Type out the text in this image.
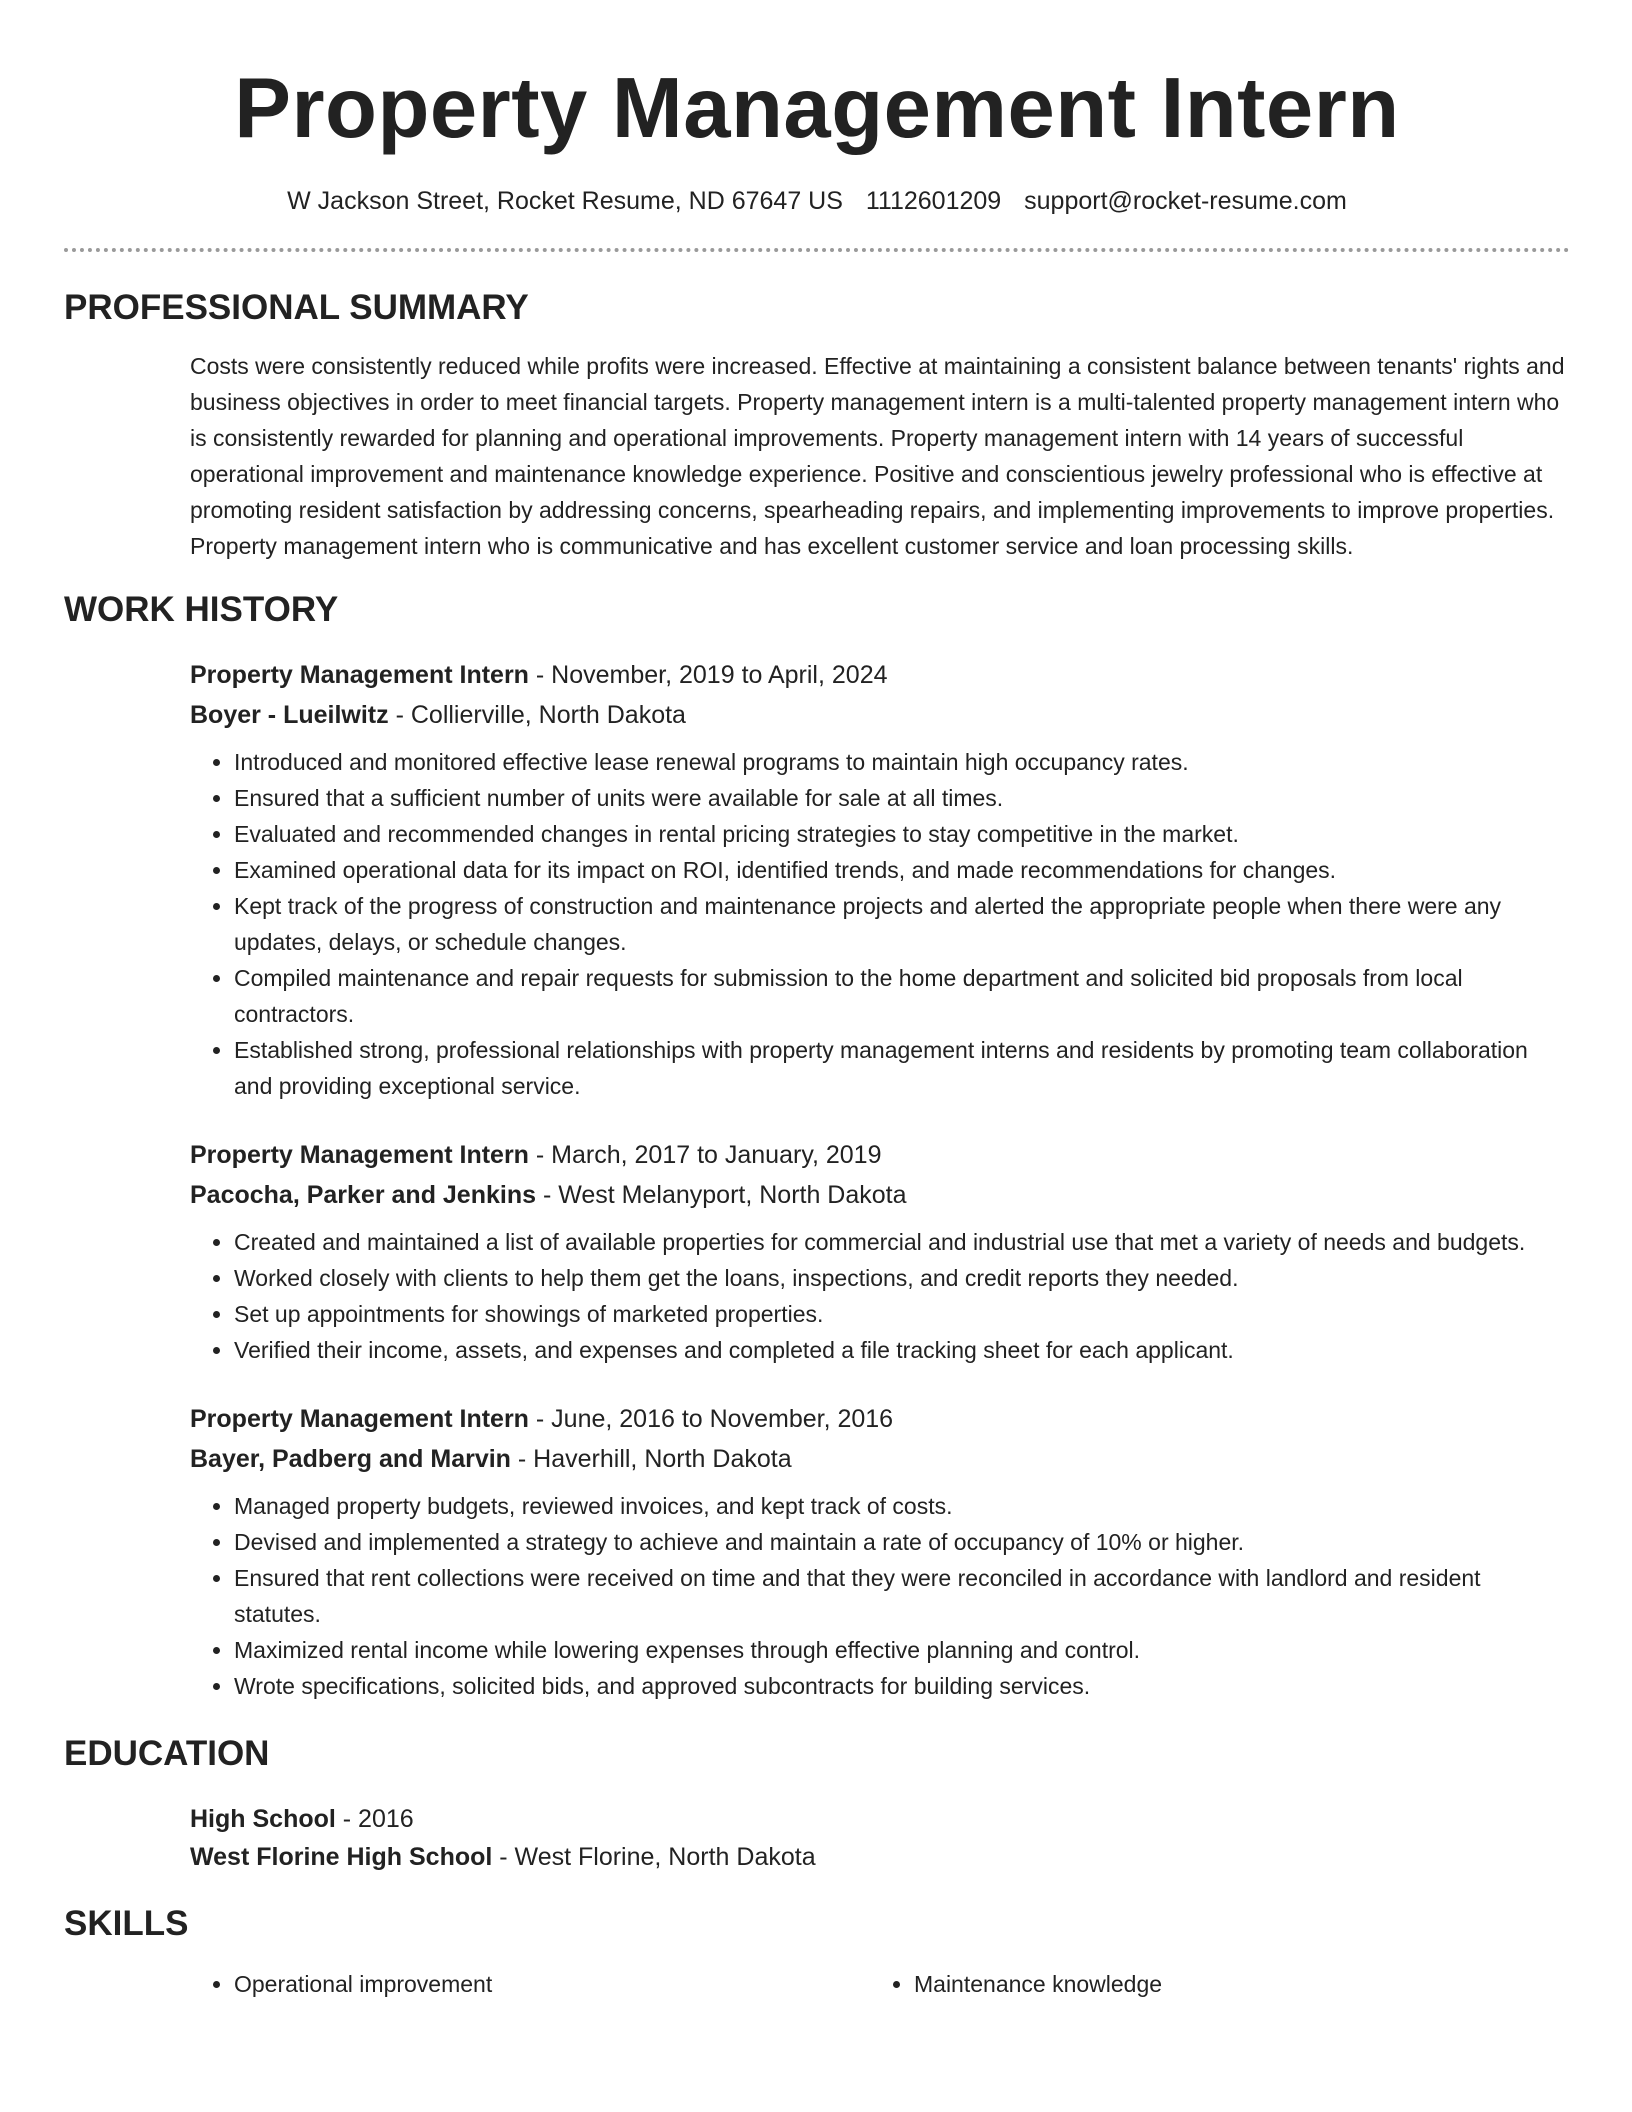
Property Management Intern
W Jackson Street, Rocket Resume, ND 67647 US 1112601209 support@rocket-resume.com
PROFESSIONAL SUMMARY

Costs were consistently reduced while profits were increased. Effective at maintaining a consistent balance between tenants' rights and business objectives in order to meet financial targets. Property management intern is a multi-talented property management intern who is consistently rewarded for planning and operational improvements. Property management intern with 14 years of successful operational improvement and maintenance knowledge experience. Positive and conscientious jewelry professional who is effective at promoting resident satisfaction by addressing concerns, spearheading repairs, and implementing improvements to improve properties. Property management intern who is communicative and has excellent customer service and loan processing skills.

WORK HISTORY
Property Management Intern - November, 2019 to April, 2024
Boyer - Lueilwitz - Collierville, North Dakota
• Introduced and monitored effective lease renewal programs to maintain high occupancy rates.
• Ensured that a sufficient number of units were available for sale at all times.
• Evaluated and recommended changes in rental pricing strategies to stay competitive in the market.
• Examined operational data for its impact on ROI, identified trends, and made recommendations for changes.
• Kept track of the progress of construction and maintenance projects and alerted the appropriate people when there were any updates, delays, or schedule changes.
• Compiled maintenance and repair requests for submission to the home department and solicited bid proposals from local contractors.
• Established strong, professional relationships with property management interns and residents by promoting team collaboration and providing exceptional service.
Property Management Intern - March, 2017 to January, 2019
Pacocha, Parker and Jenkins - West Melanyport, North Dakota
• Created and maintained a list of available properties for commercial and industrial use that met a variety of needs and budgets.
• Worked closely with clients to help them get the loans, inspections, and credit reports they needed.
• Set up appointments for showings of marketed properties.
• Verified their income, assets, and expenses and completed a file tracking sheet for each applicant.
Property Management Intern - June, 2016 to November, 2016
Bayer, Padberg and Marvin - Haverhill, North Dakota
• Managed property budgets, reviewed invoices, and kept track of costs.
• Devised and implemented a strategy to achieve and maintain a rate of occupancy of 10% or higher.
• Ensured that rent collections were received on time and that they were reconciled in accordance with landlord and resident statutes.
• Maximized rental income while lowering expenses through effective planning and control.
• Wrote specifications, solicited bids, and approved subcontracts for building services.
EDUCATION
High School - 2016
West Florine High School - West Florine, North Dakota
SKILLS
• Operational improvement
•	Maintenance knowledge
